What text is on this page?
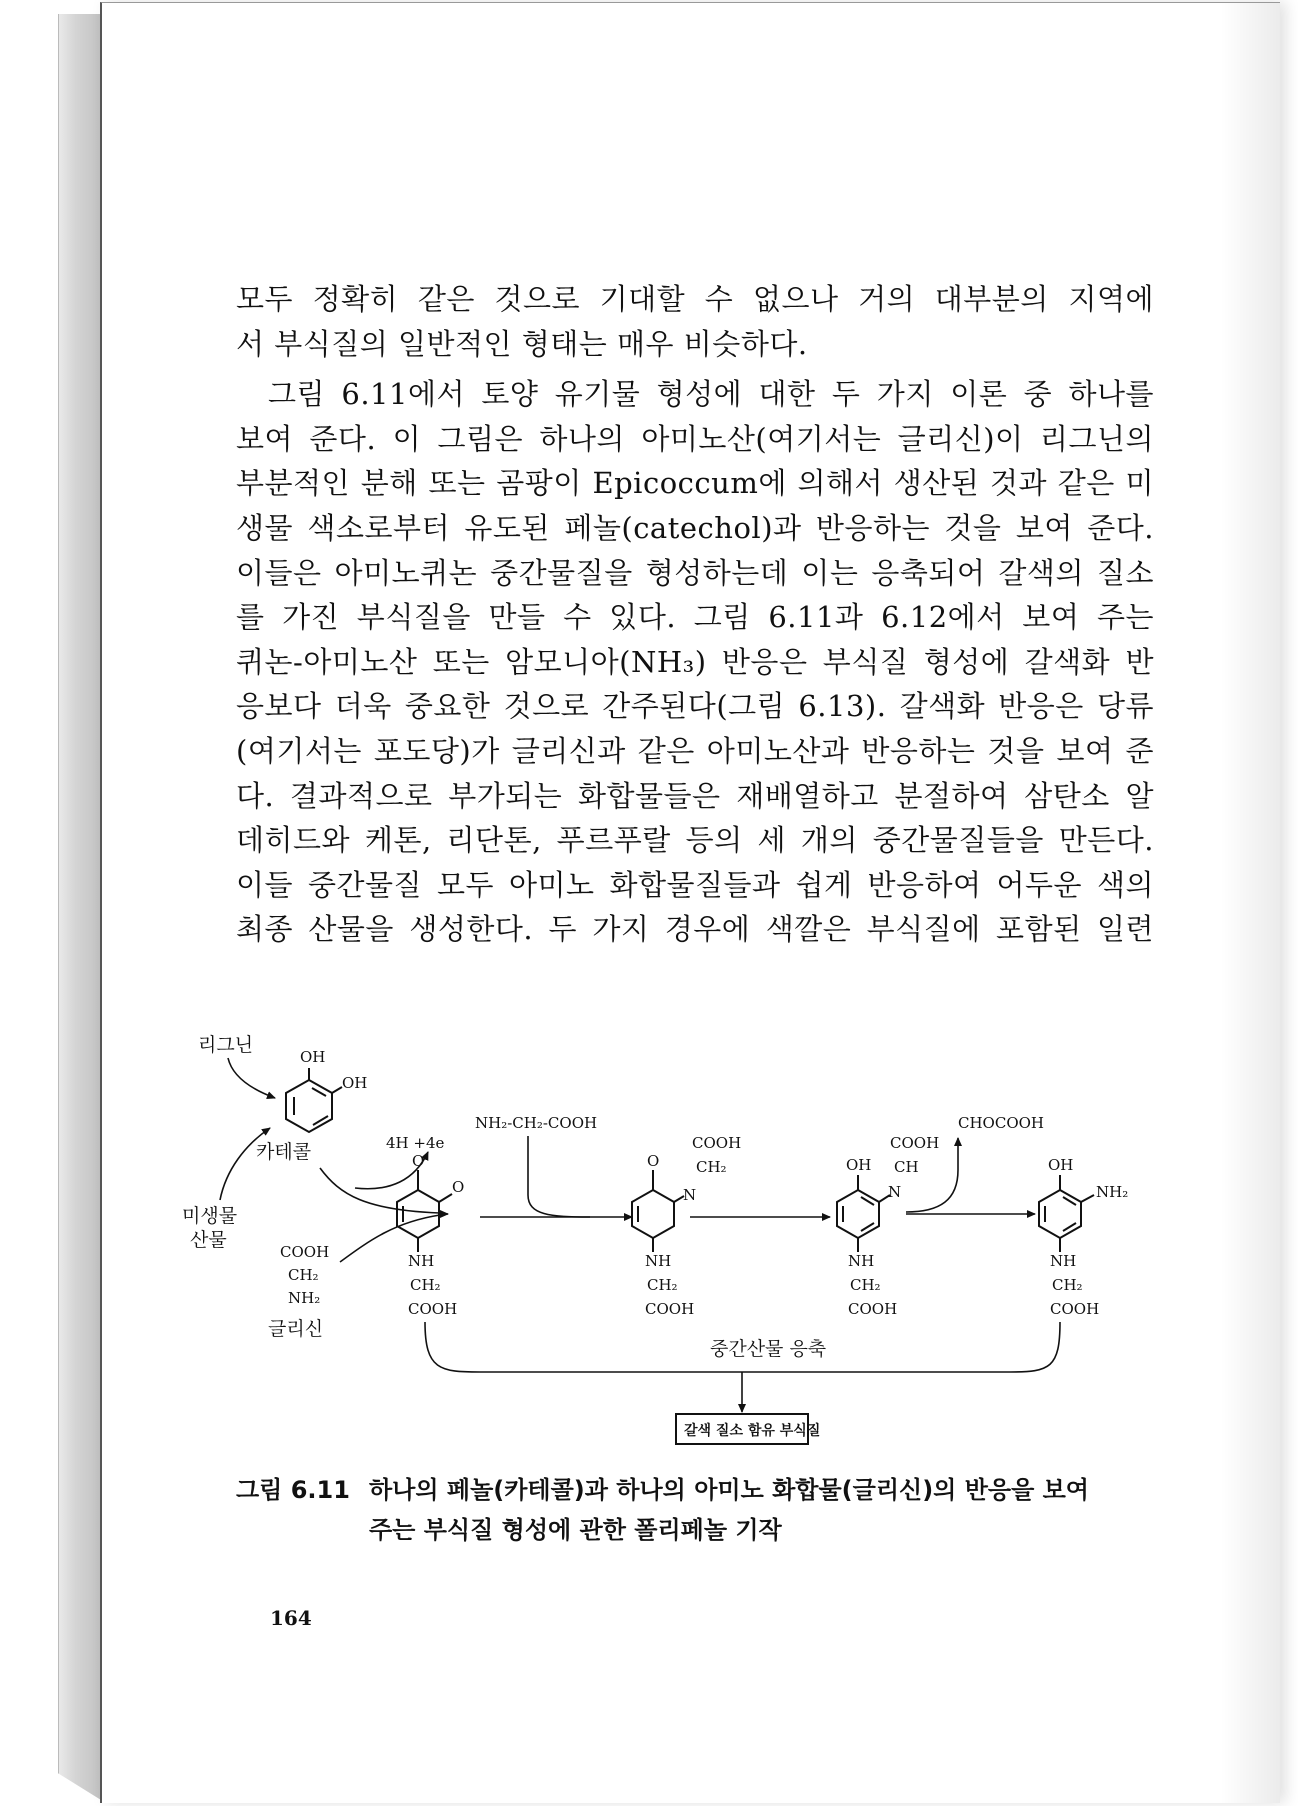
모두 정확히 같은 것으로 기대할 수 없으나 거의 대부분의 지역에
서 부식질의 일반적인 형태는 매우 비슷하다.
그림 6.11에서 토양 유기물 형성에 대한 두 가지 이론 중 하나를
보여 준다. 이 그림은 하나의 아미노산(여기서는 글리신)이 리그닌의
부분적인 분해 또는 곰팡이 Epicoccum에 의해서 생산된 것과 같은 미
생물 색소로부터 유도된 페놀(catechol)과 반응하는 것을 보여 준다.
이들은 아미노퀴논 중간물질을 형성하는데 이는 응축되어 갈색의 질소
를 가진 부식질을 만들 수 있다. 그림 6.11과 6.12에서 보여 주는
퀴논-아미노산 또는 암모니아(NH₃) 반응은 부식질 형성에 갈색화 반
응보다 더욱 중요한 것으로 간주된다(그림 6.13). 갈색화 반응은 당류
(여기서는 포도당)가 글리신과 같은 아미노산과 반응하는 것을 보여 준
다. 결과적으로 부가되는 화합물들은 재배열하고 분절하여 삼탄소 알
데히드와 케톤, 리단톤, 푸르푸랄 등의 세 개의 중간물질들을 만든다.
이들 중간물질 모두 아미노 화합물질들과 쉽게 반응하여 어두운 색의
최종 산물을 생성한다. 두 가지 경우에 색깔은 부식질에 포함된 일련
리그닌
OH
OH
카테콜
미생물
산물
4H +4e
COOH
CH₂
NH₂
글리신
O
O
NH
CH₂
COOH
NH₂-CH₂-COOH
O
N
COOH
CH₂
NH
CH₂
COOH
OH
N
COOH
CH
NH
CH₂
COOH
CHOCOOH
OH
NH₂
NH
CH₂
COOH
중간산물 응축
갈색 질소 함유 부식질
그림 6.11 하나의 페놀(카테콜)과 하나의 아미노 화합물(글리신)의 반응을 보여
주는 부식질 형성에 관한 폴리페놀 기작
164
